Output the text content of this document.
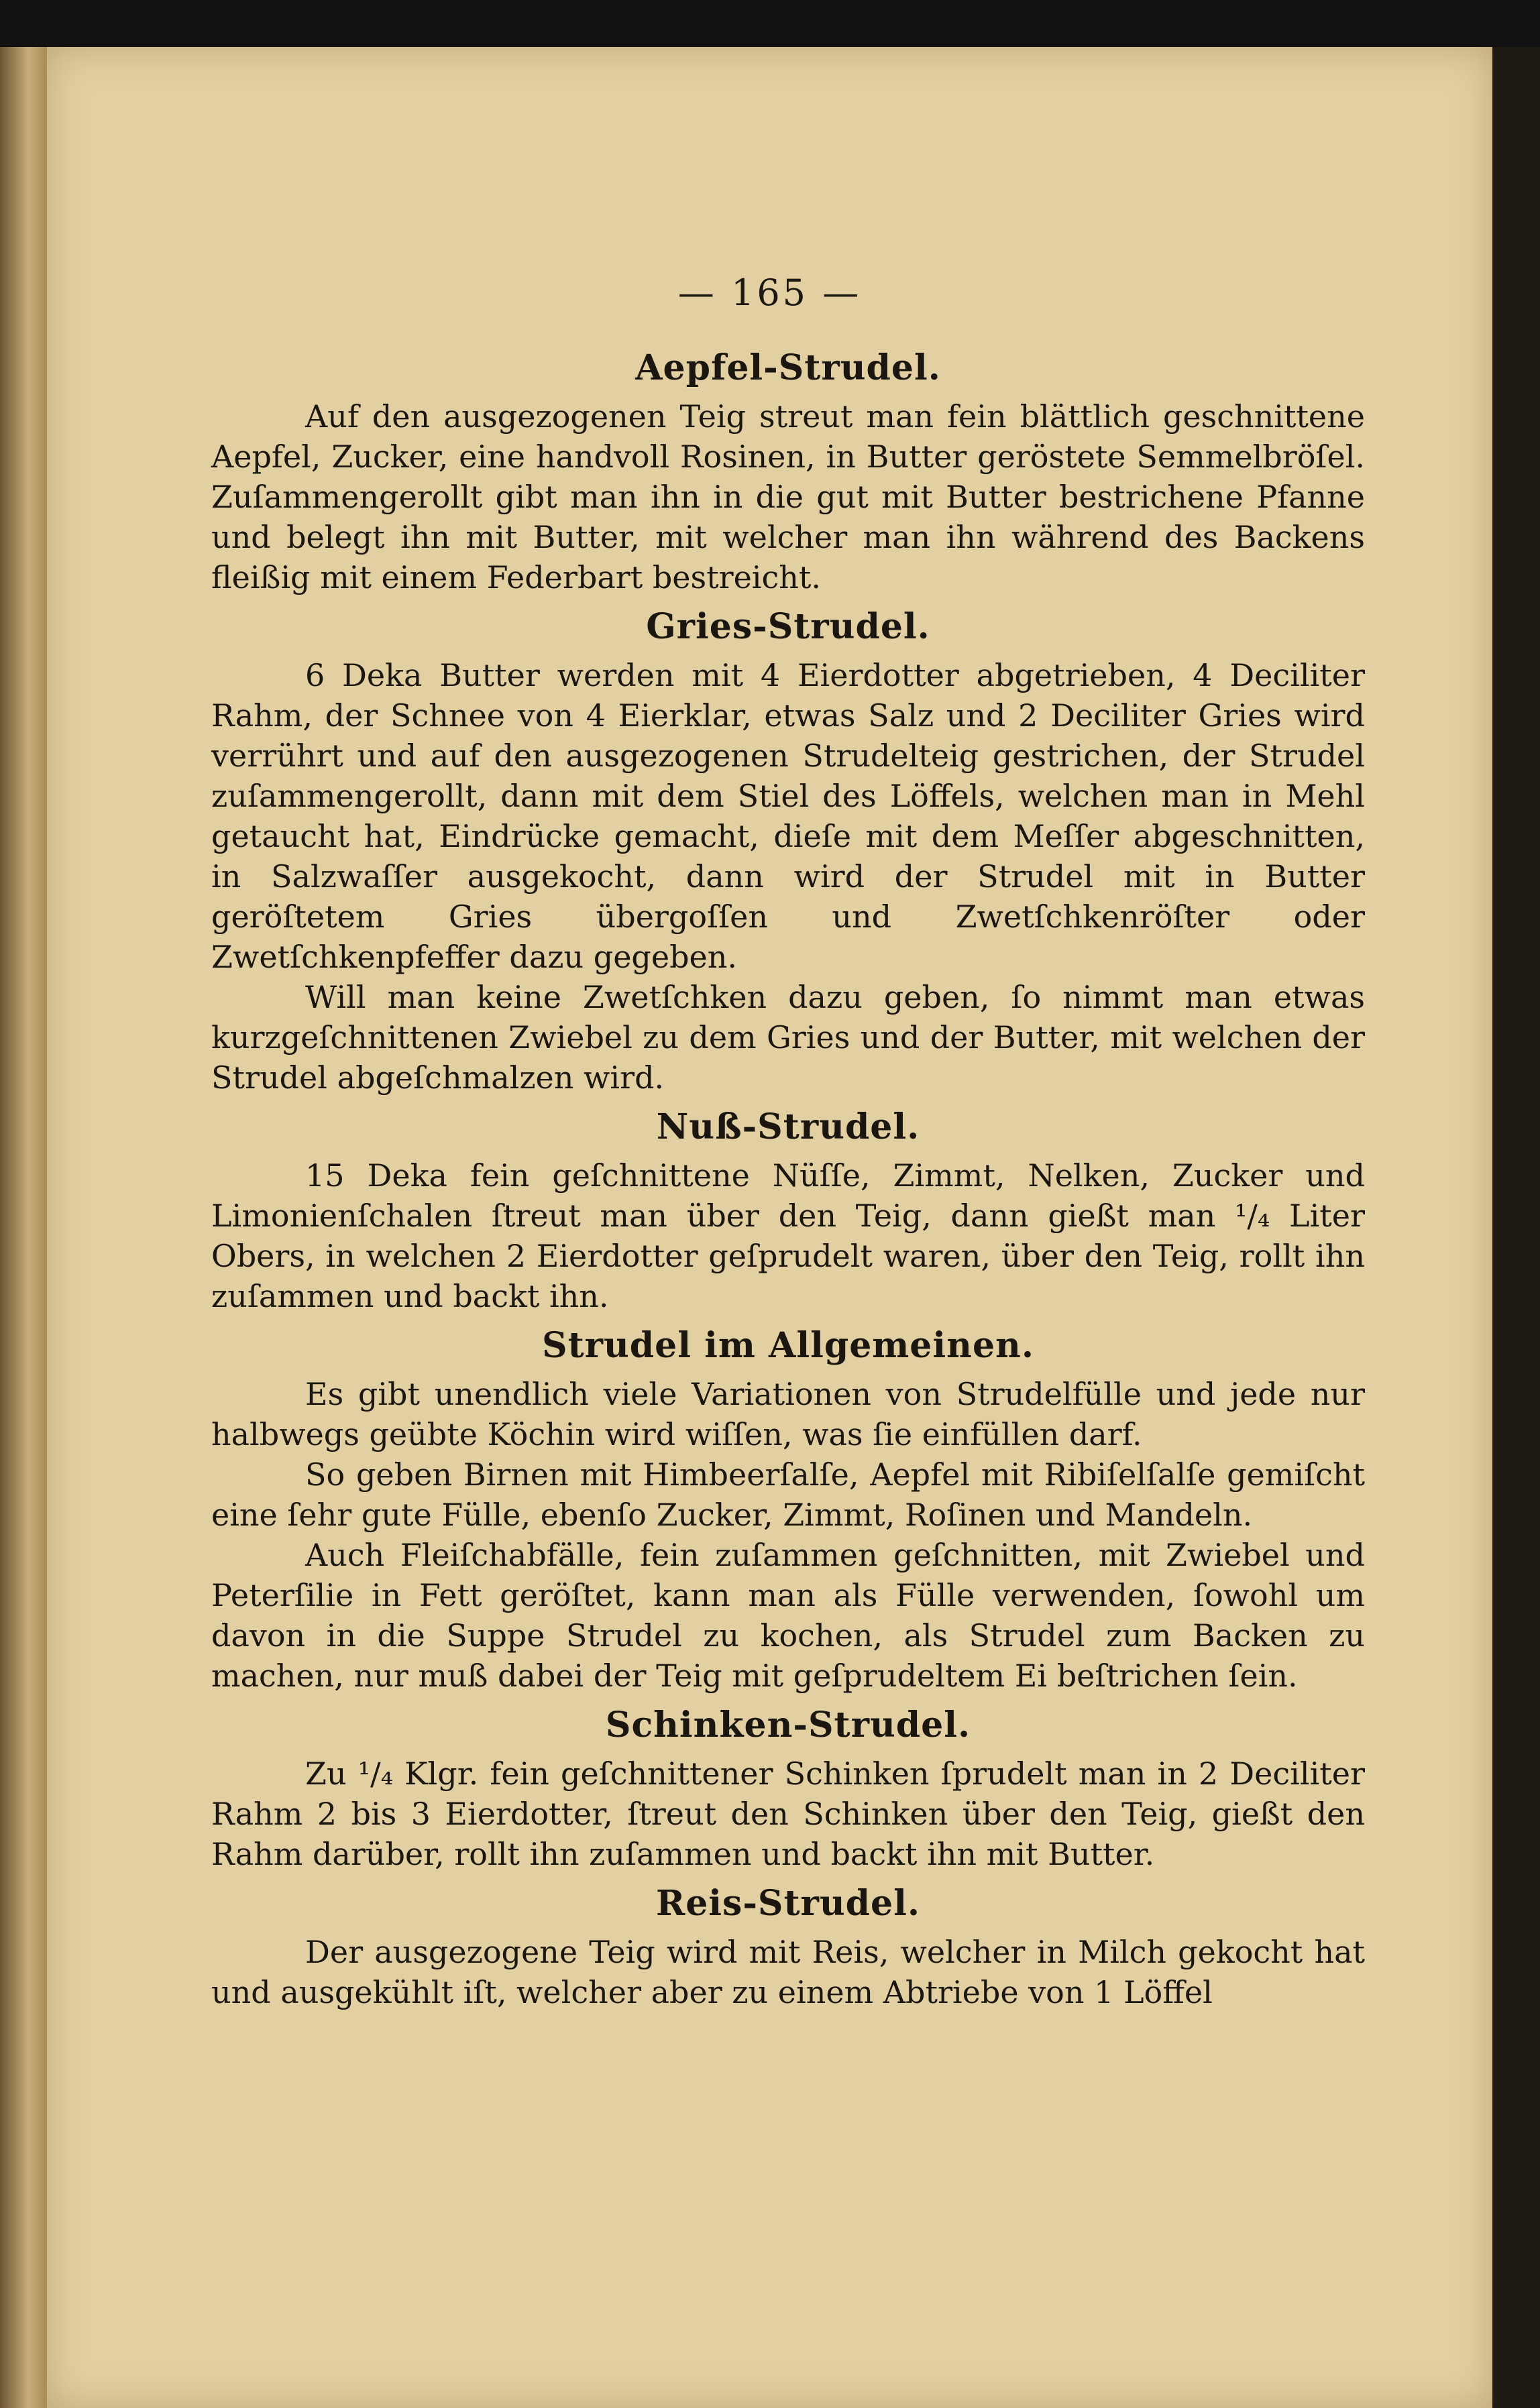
— 165 —
Aepfel-Strudel.

Auf den ausgezogenen Teig streut man fein blättlich geschnittene Aepfel, Zucker, eine handvoll Rosinen, in Butter geröstete Semmelbröſel. Zuſammengerollt gibt man ihn in die gut mit Butter bestrichene Pfanne und belegt ihn mit Butter, mit welcher man ihn während des Backens fleißig mit einem Federbart bestreicht.

Gries-Strudel.

6 Deka Butter werden mit 4 Eierdotter abgetrieben, 4 Deciliter Rahm, der Schnee von 4 Eierklar, etwas Salz und 2 Deciliter Gries wird verrührt und auf den ausgezogenen Strudelteig gestrichen, der Strudel zuſammengerollt, dann mit dem Stiel des Löffels, welchen man in Mehl getaucht hat, Eindrücke gemacht, dieſe mit dem Meſſer abgeschnitten, in Salzwaſſer ausgekocht, dann wird der Strudel mit in Butter geröſtetem Gries übergoſſen und Zwetſchkenröſter oder Zwetſchkenpfeffer dazu gegeben.

Will man keine Zwetſchken dazu geben, ſo nimmt man etwas kurzgeſchnittenen Zwiebel zu dem Gries und der Butter, mit welchen der Strudel abgeſchmalzen wird.

Nuß-Strudel.

15 Deka fein geſchnittene Nüſſe, Zimmt, Nelken, Zucker und Limonienſchalen ſtreut man über den Teig, dann gießt man ¹/₄ Liter Obers, in welchen 2 Eierdotter geſprudelt waren, über den Teig, rollt ihn zuſammen und backt ihn.

Strudel im Allgemeinen.

Es gibt unendlich viele Variationen von Strudelfülle und jede nur halbwegs geübte Köchin wird wiſſen, was ſie einfüllen darf.

So geben Birnen mit Himbeerſalſe, Aepfel mit Ribiſelſalſe gemiſcht eine ſehr gute Fülle, ebenſo Zucker, Zimmt, Roſinen und Mandeln.

Auch Fleiſchabfälle, fein zuſammen geſchnitten, mit Zwiebel und Peterſilie in Fett geröſtet, kann man als Fülle verwenden, ſowohl um davon in die Suppe Strudel zu kochen, als Strudel zum Backen zu machen, nur muß dabei der Teig mit geſprudeltem Ei beſtrichen ſein.

Schinken-Strudel.

Zu ¹/₄ Klgr. fein geſchnittener Schinken ſprudelt man in 2 Deciliter Rahm 2 bis 3 Eierdotter, ſtreut den Schinken über den Teig, gießt den Rahm darüber, rollt ihn zuſammen und backt ihn mit Butter.

Reis-Strudel.

Der ausgezogene Teig wird mit Reis, welcher in Milch gekocht hat und ausgekühlt iſt, welcher aber zu einem Abtriebe von 1 Löffel
